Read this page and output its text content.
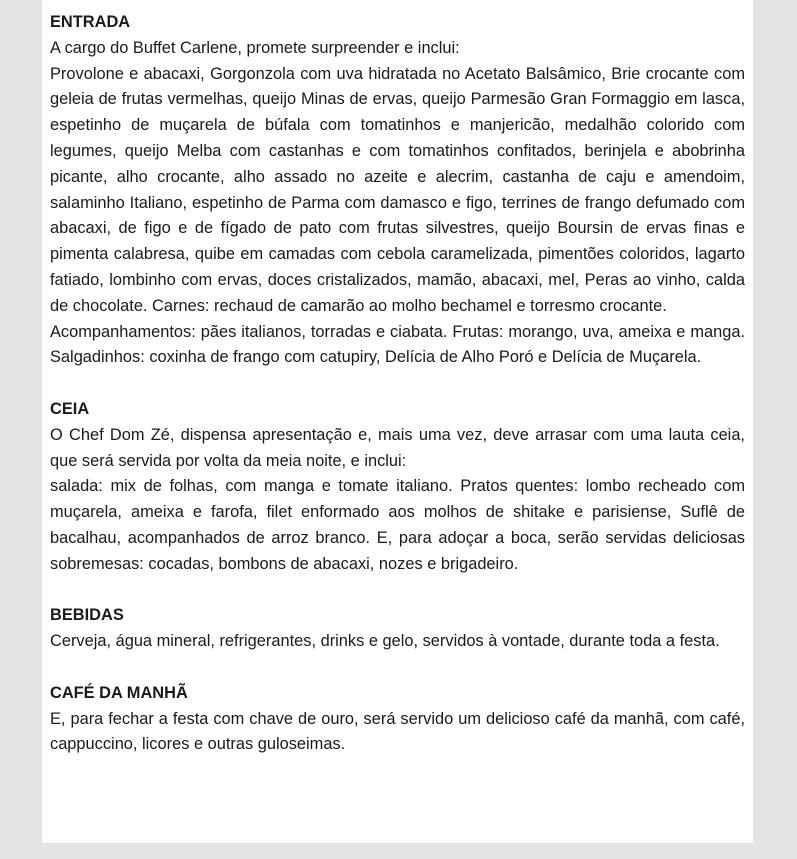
ENTRADA

A cargo do Buffet Carlene, promete surpreender e inclui:

Provolone e abacaxi, Gorgonzola com uva hidratada no Acetato Balsâmico, Brie crocante com geleia de frutas vermelhas, queijo Minas de ervas, queijo Parmesão Gran Formaggio em lasca, espetinho de muçarela de búfala com tomatinhos e manjericão, medalhão colorido com legumes, queijo Melba com castanhas e com tomatinhos confitados, berinjela e abobrinha picante, alho crocante, alho assado no azeite e alecrim, castanha de caju e amendoim, salaminho Italiano, espetinho de Parma com damasco e figo, terrines de frango defumado com abacaxi, de figo e de fígado de pato com frutas silvestres, queijo Boursin de ervas finas e pimenta calabresa, quibe em camadas com cebola caramelizada, pimentões coloridos, lagarto fatiado, lombinho com ervas, doces cristalizados, mamão, abacaxi, mel, Peras ao vinho, calda de chocolate. Carnes: rechaud de camarão ao molho bechamel e torresmo crocante.

Acompanhamentos: pães italianos, torradas e ciabata. Frutas: morango, uva, ameixa e manga. Salgadinhos: coxinha de frango com catupiry, Delícia de Alho Poró e Delícia de Muçarela.

CEIA

O Chef Dom Zé, dispensa apresentação e, mais uma vez, deve arrasar com uma lauta ceia, que será servida por volta da meia noite, e inclui:

salada: mix de folhas, com manga e tomate italiano. Pratos quentes: lombo recheado com muçarela, ameixa e farofa, filet enformado aos molhos de shitake e parisiense, Suflê de bacalhau, acompanhados de arroz branco. E, para adoçar a boca, serão servidas deliciosas sobremesas: cocadas, bombons de abacaxi, nozes e brigadeiro.

BEBIDAS

Cerveja, água mineral, refrigerantes, drinks e gelo, servidos à vontade, durante toda a festa.

CAFÉ DA MANHÃ

E, para fechar a festa com chave de ouro, será servido um delicioso café da manhã, com café, cappuccino, licores e outras guloseimas.
